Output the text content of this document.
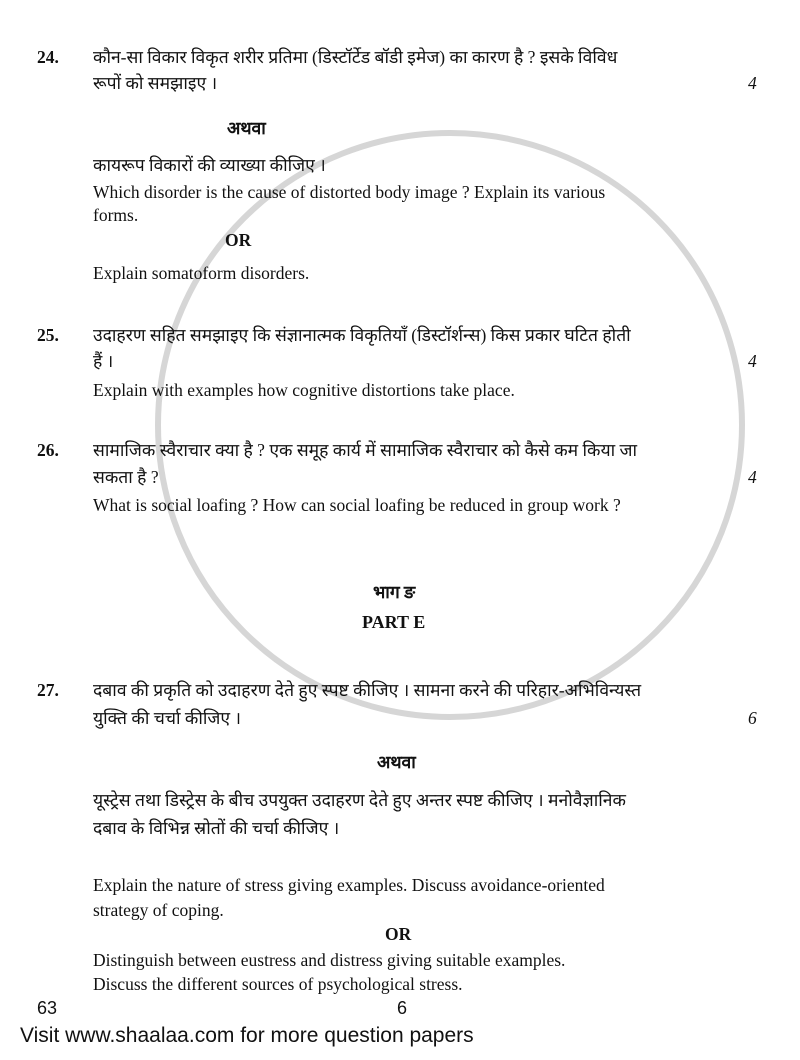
24. कौन-सा विकार विकृत शरीर प्रतिमा (डिस्टॉर्टेड बॉडी इमेज) का कारण है ? इसके विविध
रूपों को समझाइए ।	4
अथवा
कायरूप विकारों की व्याख्या कीजिए ।
Which disorder is the cause of distorted body image ? Explain its various
forms.
OR
Explain somatoform disorders.
25. उदाहरण सहित समझाइए कि संज्ञानात्मक विकृतियाँ (डिस्टॉर्शन्स) किस प्रकार घटित होती
हैं ।	4
Explain with examples how cognitive distortions take place.
26. सामाजिक स्वैराचार क्या है ? एक समूह कार्य में सामाजिक स्वैराचार को कैसे कम किया जा
सकता है ?	4
What is social loafing ? How can social loafing be reduced in group work ?
भाग ङ
PART E
27. दबाव की प्रकृति को उदाहरण देते हुए स्पष्ट कीजिए । सामना करने की परिहार-अभिविन्यस्त
युक्ति की चर्चा कीजिए ।	6
अथवा
यूस्ट्रेस तथा डिस्ट्रेस के बीच उपयुक्त उदाहरण देते हुए अन्तर स्पष्ट कीजिए । मनोवैज्ञानिक
दबाव के विभिन्न स्रोतों की चर्चा कीजिए ।
Explain the nature of stress giving examples. Discuss avoidance-oriented
strategy of coping.
OR
Distinguish between eustress and distress giving suitable examples.
Discuss the different sources of psychological stress.
63	6
Visit www.shaalaa.com for more question papers
